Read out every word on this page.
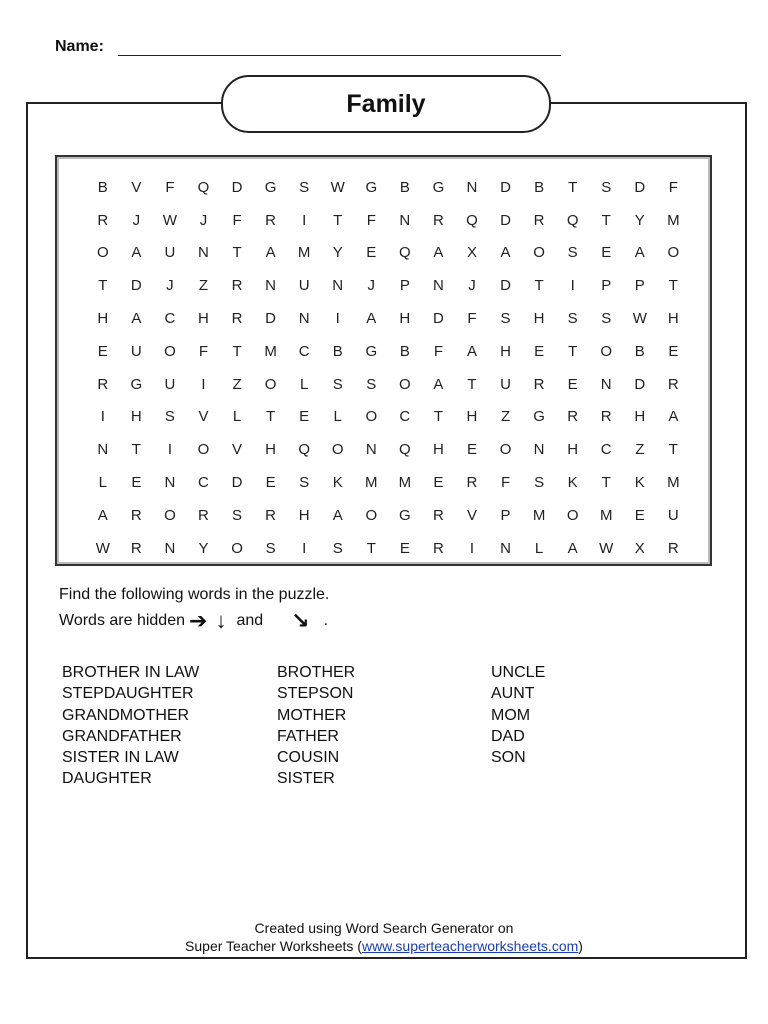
Name:
Family
B	V	F	Q	D	G	S	W	G	B	G	N	D	B	T	S	D	F
R	J	W	J	F	R	I	T	F	N	R	Q	D	R	Q	T	Y	M
O	A	U	N	T	A	M	Y	E	Q	A	X	A	O	S	E	A	O
T	D	J	Z	R	N	U	N	J	P	N	J	D	T	I	P	P	T
H	A	C	H	R	D	N	I	A	H	D	F	S	H	S	S	W	H
E	U	O	F	T	M	C	B	G	B	F	A	H	E	T	O	B	E
R	G	U	I	Z	O	L	S	S	O	A	T	U	R	E	N	D	R
I	H	S	V	L	T	E	L	O	C	T	H	Z	G	R	R	H	A
N	T	I	O	V	H	Q	O	N	Q	H	E	O	N	H	C	Z	T
L	E	N	C	D	E	S	K	M	M	E	R	F	S	K	T	K	M
A	R	O	R	S	R	H	A	O	G	R	V	P	M	O	M	E	U
W	R	N	Y	O	S	I	S	T	E	R	I	N	L	A	W	X	R
Find the following words in the puzzle.
Words are hidden ➔ ↓ and ↘ .
BROTHER IN LAW
STEPDAUGHTER
GRANDMOTHER
GRANDFATHER
SISTER IN LAW
DAUGHTER
BROTHER
STEPSON
MOTHER
FATHER
COUSIN
SISTER
UNCLE
AUNT
MOM
DAD
SON
Created using Word Search Generator on
Super Teacher Worksheets (www.superteacherworksheets.com)
